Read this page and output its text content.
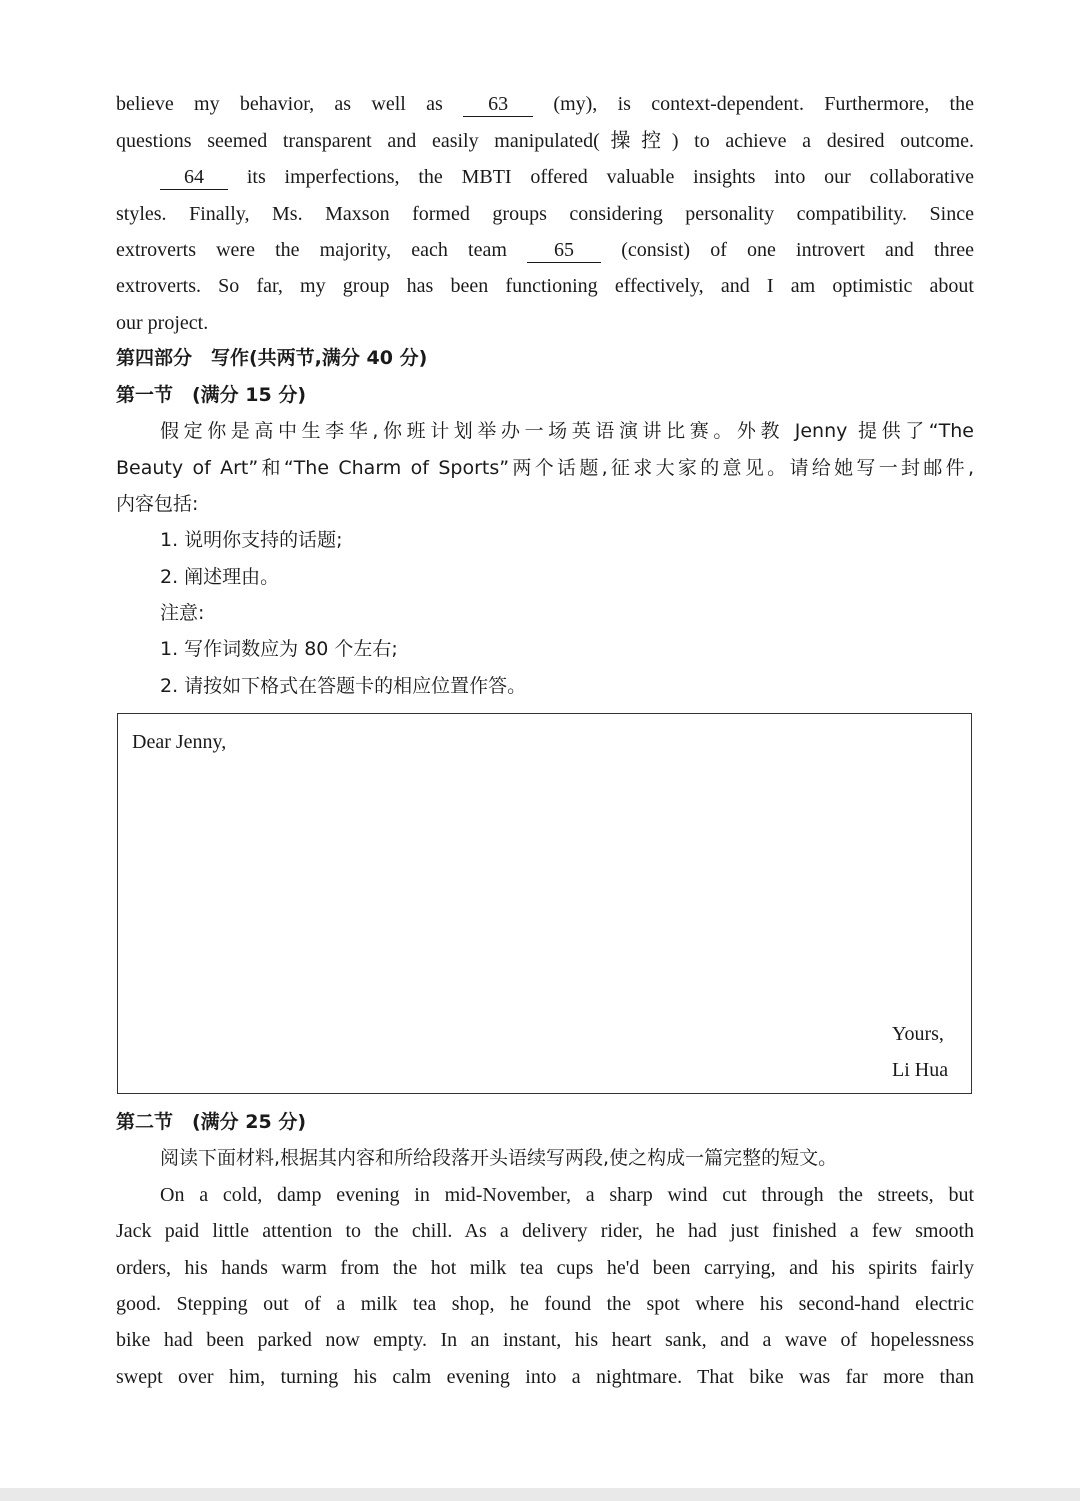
believe my behavior, as well as 63 (my), is context-dependent. Furthermore, the
questions seemed transparent and easily manipulated(操控) to achieve a desired outcome.
64 its imperfections, the MBTI offered valuable insights into our collaborative
styles. Finally, Ms. Maxson formed groups considering personality compatibility. Since
extroverts were the majority, each team 65 (consist) of one introvert and three
extroverts. So far, my group has been functioning effectively, and I am optimistic about
our project.
第四部分　写作(共两节,满分 40 分)
第一节　(满分 15 分)
假定你是高中生李华,你班计划举办一场英语演讲比赛。外教 Jenny 提供了“The
Beauty of Art”和“The Charm of Sports”两个话题,征求大家的意见。请给她写一封邮件,
内容包括:
1. 说明你支持的话题;
2. 阐述理由。
注意:
1. 写作词数应为 80 个左右;
2. 请按如下格式在答题卡的相应位置作答。
Dear Jenny,
Yours,
Li Hua
第二节　(满分 25 分)
阅读下面材料,根据其内容和所给段落开头语续写两段,使之构成一篇完整的短文。
On a cold, damp evening in mid-November, a sharp wind cut through the streets, but
Jack paid little attention to the chill. As a delivery rider, he had just finished a few smooth
orders, his hands warm from the hot milk tea cups he'd been carrying, and his spirits fairly
good. Stepping out of a milk tea shop, he found the spot where his second-hand electric
bike had been parked now empty. In an instant, his heart sank, and a wave of hopelessness
swept over him, turning his calm evening into a nightmare. That bike was far more than
